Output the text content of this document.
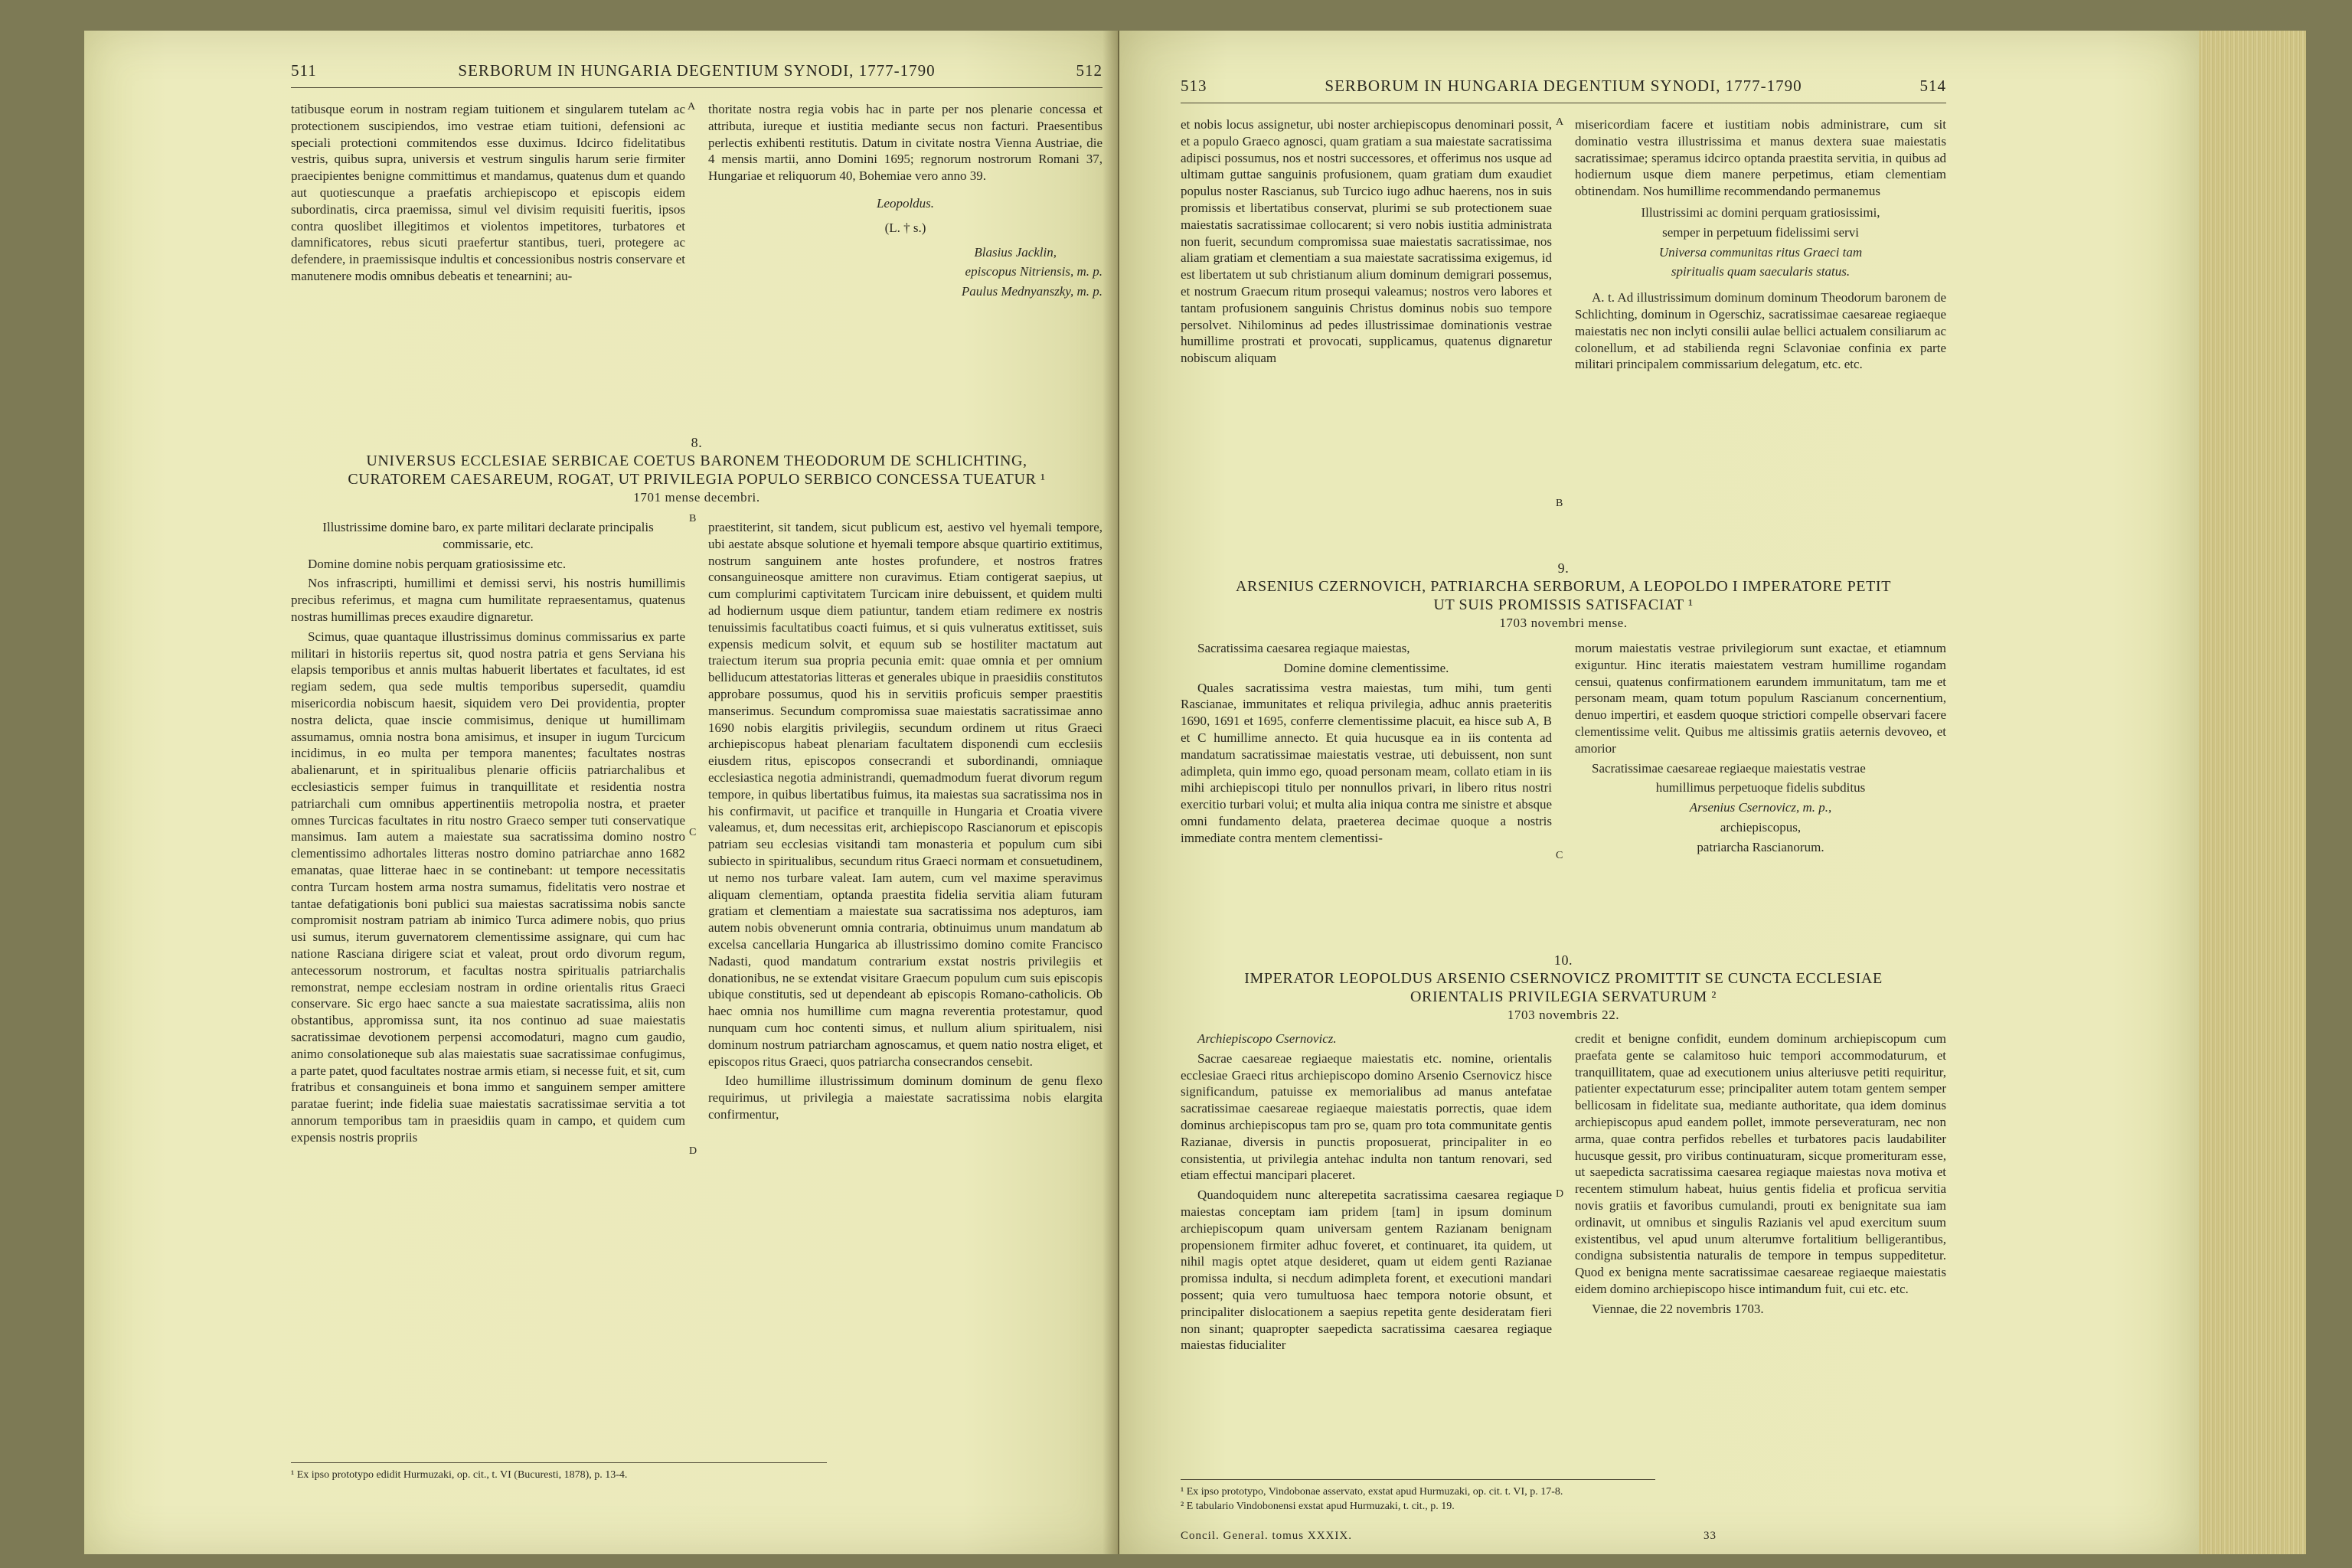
511	SERBORUM IN HUNGARIA DEGENTIUM SYNODI, 1777-1790	512

tatibusque eorum in nostram regiam tuitionem et singularem tutelam ac protectionem suscipiendos, imo vestrae etiam tuitioni, defensioni ac speciali protectioni commitendos esse duximus. Idcirco fidelitatibus vestris, quibus supra, universis et vestrum singulis harum serie firmiter praecipientes benigne committimus et mandamus, quatenus dum et quando aut quotiescunque a praefatis archiepiscopo et episcopis eidem subordinatis, circa praemissa, simul vel divisim requisiti fueritis, ipsos contra quoslibet illegitimos et violentos impetitores, turbatores et damnificatores, rebus sicuti praefertur stantibus, tueri, protegere ac defendere, in praemissisque indultis et concessionibus nostris conservare et manutenere modis omnibus debeatis et tenearnini; au-

thoritate nostra regia vobis hac in parte per nos plenarie concessa et attributa, iureque et iustitia mediante secus non facturi. Praesentibus perlectis exhibenti restitutis. Datum in civitate nostra Vienna Austriae, die 4 mensis martii, anno Domini 1695; regnorum nostrorum Romani 37, Hungariae et reliquorum 40, Bohemiae vero anno 39.

Leopoldus.

(L. † s.)

Blasius Jacklin,

episcopus Nitriensis, m. p.

Paulus Mednyanszky, m. p.

A
8.
UNIVERSUS ECCLESIAE SERBICAE COETUS BARONEM THEODORUM DE SCHLICHTING,
CURATOREM CAESAREUM, ROGAT, UT PRIVILEGIA POPULO SERBICO CONCESSA TUEATUR ¹
1701 mense decembri.

Illustrissime domine baro, ex parte militari declarate principalis commissarie, etc.

Domine domine nobis perquam gratiosissime etc.

Nos infrascripti, humillimi et demissi servi, his nostris humillimis precibus referimus, et magna cum humilitate repraesentamus, quatenus nostras humillimas preces exaudire dignaretur.

Scimus, quae quantaque illustrissimus dominus commissarius ex parte militari in historiis repertus sit, quod nostra patria et gens Serviana his elapsis temporibus et annis multas habuerit libertates et facultates, id est regiam sedem, qua sede multis temporibus supersedit, quamdiu misericordia nobiscum haesit, siquidem vero Dei providentia, propter nostra delicta, quae inscie commisimus, denique ut humillimam assumamus, omnia nostra bona amisimus, et insuper in iugum Turcicum incidimus, in eo multa per tempora manentes; facultates nostras abalienarunt, et in spiritualibus plenarie officiis patriarchalibus et ecclesiasticis semper fuimus in tranquillitate et residentia nostra patriarchali cum omnibus appertinentiis metropolia nostra, et praeter omnes Turcicas facultates in ritu nostro Graeco semper tuti conservatique mansimus. Iam autem a maiestate sua sacratissima domino nostro clementissimo adhortales litteras nostro domino patriarchae anno 1682 emanatas, quae litterae haec in se continebant: ut tempore necessitatis contra Turcam hostem arma nostra sumamus, fidelitatis vero nostrae et tantae defatigationis boni publici sua maiestas sacratissima nobis sancte compromisit nostram patriam ab inimico Turca adimere nobis, quo prius usi sumus, iterum guvernatorem clementissime assignare, qui cum hac natione Rasciana dirigere sciat et valeat, prout ordo divorum regum, antecessorum nostrorum, et facultas nostra spiritualis patriarchalis remonstrat, nempe ecclesiam nostram in ordine orientalis ritus Graeci conservare. Sic ergo haec sancte a sua maiestate sacratissima, aliis non obstantibus, appromissa sunt, ita nos continuo ad suae maiestatis sacratissimae devotionem perpensi accomodaturi, magno cum gaudio, animo consolationeque sub alas maiestatis suae sacratissimae confugimus, a parte patet, quod facultates nostrae armis etiam, si necesse fuit, et sit, cum fratribus et consanguineis et bona immo et sanguinem semper amittere paratae fuerint; inde fidelia suae maiestatis sacratissimae servitia a tot annorum temporibus tam in praesidiis quam in campo, et quidem cum expensis nostris propriis

praestiterint, sit tandem, sicut publicum est, aestivo vel hyemali tempore, ubi aestate absque solutione et hyemali tempore absque quartirio extitimus, nostrum sanguinem ante hostes profundere, et nostros fratres consanguineosque amittere non curavimus. Etiam contigerat saepius, ut cum complurimi captivitatem Turcicam inire debuissent, et quidem multi ad hodiernum usque diem patiuntur, tandem etiam redimere ex nostris tenuissimis facultatibus coacti fuimus, et si quis vulneratus extitisset, suis expensis medicum solvit, et equum sub se hostiliter mactatum aut traiectum iterum sua propria pecunia emit: quae omnia et per omnium belliducum attestatorias litteras et generales ubique in praesidiis constitutos approbare possumus, quod his in servitiis proficuis semper praestitis manserimus. Secundum compromissa suae maiestatis sacratissimae anno 1690 nobis elargitis privilegiis, secundum ordinem ut ritus Graeci archiepiscopus habeat plenariam facultatem disponendi cum ecclesiis eiusdem ritus, episcopos consecrandi et subordinandi, omniaque ecclesiastica negotia administrandi, quemadmodum fuerat divorum regum tempore, in quibus libertatibus fuimus, ita maiestas sua sacratissima nos in his confirmavit, ut pacifice et tranquille in Hungaria et Croatia vivere valeamus, et, dum necessitas erit, archiepiscopo Rascianorum et episcopis patriam seu ecclesias visitandi tam monasteria et populum cum sibi subiecto in spiritualibus, secundum ritus Graeci normam et consuetudinem, ut nemo nos turbare valeat. Iam autem, cum vel maxime speravimus aliquam clementiam, optanda praestita fidelia servitia aliam futuram gratiam et clementiam a maiestate sua sacratissima nos adepturos, iam autem nobis obvenerunt omnia contraria, obtinuimus unum mandatum ab excelsa cancellaria Hungarica ab illustrissimo domino comite Francisco Nadasti, quod mandatum contrarium exstat nostris privilegiis et donationibus, ne se extendat visitare Graecum populum cum suis episcopis ubique constitutis, sed ut dependeant ab episcopis Romano-catholicis. Ob haec omnia nos humillime cum magna reverentia protestamur, quod nunquam cum hoc contenti simus, et nullum alium spiritualem, nisi dominum nostrum patriarcham agnoscamus, et quem natio nostra eliget, et episcopos ritus Graeci, quos patriarcha consecrandos censebit.

Ideo humillime illustrissimum dominum dominum de genu flexo requirimus, ut privilegia a maiestate sacratissima nobis elargita confirmentur,

B
C
D
¹ Ex ipso prototypo edidit Hurmuzaki, op. cit., t. VI (Bucuresti, 1878), p. 13-4.
513	SERBORUM IN HUNGARIA DEGENTIUM SYNODI, 1777-1790	514

et nobis locus assignetur, ubi noster archiepiscopus denominari possit, et a populo Graeco agnosci, quam gratiam a sua maiestate sacratissima adipisci possumus, nos et nostri successores, et offerimus nos usque ad ultimam guttae sanguinis profusionem, quam gratiam dum exaudiet populus noster Rascianus, sub Turcico iugo adhuc haerens, nos in suis promissis et libertatibus conservat, plurimi se sub protectionem suae maiestatis sacratissimae collocarent; si vero nobis iustitia administrata non fuerit, secundum compromissa suae maiestatis sacratissimae, nos aliam gratiam et clementiam a sua maiestate sacratissima exigemus, id est libertatem ut sub christianum alium dominum demigrari possemus, et nostrum Graecum ritum prosequi valeamus; nostros vero labores et tantam profusionem sanguinis Christus dominus nobis suo tempore persolvet. Nihilominus ad pedes illustrissimae dominationis vestrae humillime prostrati et provocati, supplicamus, quatenus dignaretur nobiscum aliquam

misericordiam facere et iustitiam nobis administrare, cum sit dominatio vestra illustrissima et manus dextera suae maiestatis sacratissimae; speramus idcirco optanda praestita servitia, in quibus ad hodiernum usque diem manere perpetimus, etiam clementiam obtinendam. Nos humillime recommendando permanemus

Illustrissimi ac domini perquam gratiosissimi,

semper in perpetuum fidelissimi servi

Universa communitas ritus Graeci tam

spiritualis quam saecularis status.

A. t. Ad illustrissimum dominum dominum Theodorum baronem de Schlichting, dominum in Ogerschiz, sacratissimae caesareae regiaeque maiestatis nec non inclyti consilii aulae bellici actualem consiliarum ac colonellum, et ad stabilienda regni Sclavoniae confinia ex parte militari principalem commissarium delegatum, etc. etc.

A
B
9.
ARSENIUS CZERNOVICH, PATRIARCHA SERBORUM, A LEOPOLDO I IMPERATORE PETIT
UT SUIS PROMISSIS SATISFACIAT ¹
1703 novembri mense.

Sacratissima caesarea regiaque maiestas,

Domine domine clementissime.

Quales sacratissima vestra maiestas, tum mihi, tum genti Rascianae, immunitates et reliqua privilegia, adhuc annis praeteritis 1690, 1691 et 1695, conferre clementissime placuit, ea hisce sub A, B et C humillime annecto. Et quia hucusque ea in iis contenta ad mandatum sacratissimae maiestatis vestrae, uti debuissent, non sunt adimpleta, quin immo ego, quoad personam meam, collato etiam in iis mihi archiepiscopi titulo per nonnullos privari, in libero ritus nostri exercitio turbari volui; et multa alia iniqua contra me sinistre et absque omni fundamento delata, praeterea decimae quoque a nostris immediate contra mentem clementissi-

morum maiestatis vestrae privilegiorum sunt exactae, et etiamnum exiguntur. Hinc iteratis maiestatem vestram humillime rogandam censui, quatenus confirmationem earundem immunitatum, tam me et personam meam, quam totum populum Rascianum concernentium, denuo impertiri, et easdem quoque strictiori compelle observari facere clementissime velit. Quibus me altissimis gratiis aeternis devoveo, et amorior

Sacratissimae caesareae regiaeque maiestatis vestrae

humillimus perpetuoque fidelis subditus

Arsenius Csernovicz, m. p.,

archiepiscopus,

patriarcha Rascianorum.

C
10.
IMPERATOR LEOPOLDUS ARSENIO CSERNOVICZ PROMITTIT SE CUNCTA ECCLESIAE
ORIENTALIS PRIVILEGIA SERVATURUM ²
1703 novembris 22.

Archiepiscopo Csernovicz.

Sacrae caesareae regiaeque maiestatis etc. nomine, orientalis ecclesiae Graeci ritus archiepiscopo domino Arsenio Csernovicz hisce significandum, patuisse ex memorialibus ad manus antefatae sacratissimae caesareae regiaeque maiestatis porrectis, quae idem dominus archiepiscopus tam pro se, quam pro tota communitate gentis Razianae, diversis in punctis proposuerat, principaliter in eo consistentia, ut privilegia antehac indulta non tantum renovari, sed etiam effectui mancipari placeret.

Quandoquidem nunc alterepetita sacratissima caesarea regiaque maiestas conceptam iam pridem [tam] in ipsum dominum archiepiscopum quam universam gentem Razianam benignam propensionem firmiter adhuc foveret, et continuaret, ita quidem, ut nihil magis optet atque desideret, quam ut eidem genti Razianae promissa indulta, si necdum adimpleta forent, et executioni mandari possent; quia vero tumultuosa haec tempora notorie obsunt, et principaliter dislocationem a saepius repetita gente desideratam fieri non sinant; quapropter saepedicta sacratissima caesarea regiaque maiestas fiducialiter

credit et benigne confidit, eundem dominum archiepiscopum cum praefata gente se calamitoso huic tempori accommodaturum, et tranquillitatem, quae ad executionem unius alteriusve petiti requiritur, patienter expectaturum esse; principaliter autem totam gentem semper bellicosam in fidelitate sua, mediante authoritate, qua idem dominus archiepiscopus apud eandem pollet, immote perseveraturam, nec non arma, quae contra perfidos rebelles et turbatores pacis laudabiliter hucusque gessit, pro viribus continuaturam, sicque promerituram esse, ut saepedicta sacratissima caesarea regiaque maiestas nova motiva et recentem stimulum habeat, huius gentis fidelia et proficua servitia novis gratiis et favoribus cumulandi, prouti ex benignitate sua iam ordinavit, ut omnibus et singulis Razianis vel apud exercitum suum existentibus, vel apud unum alterumve fortalitium belligerantibus, condigna subsistentia naturalis de tempore in tempus suppeditetur. Quod ex benigna mente sacratissimae caesareae regiaeque maiestatis eidem domino archiepiscopo hisce intimandum fuit, cui etc. etc.

Viennae, die 22 novembris 1703.

D
¹ Ex ipso prototypo, Vindobonae asservato, exstat apud Hurmuzaki, op. cit. t. VI, p. 17-8.
² E tabulario Vindobonensi exstat apud Hurmuzaki, t. cit., p. 19.
Concil. General. tomus XXXIX.	33
